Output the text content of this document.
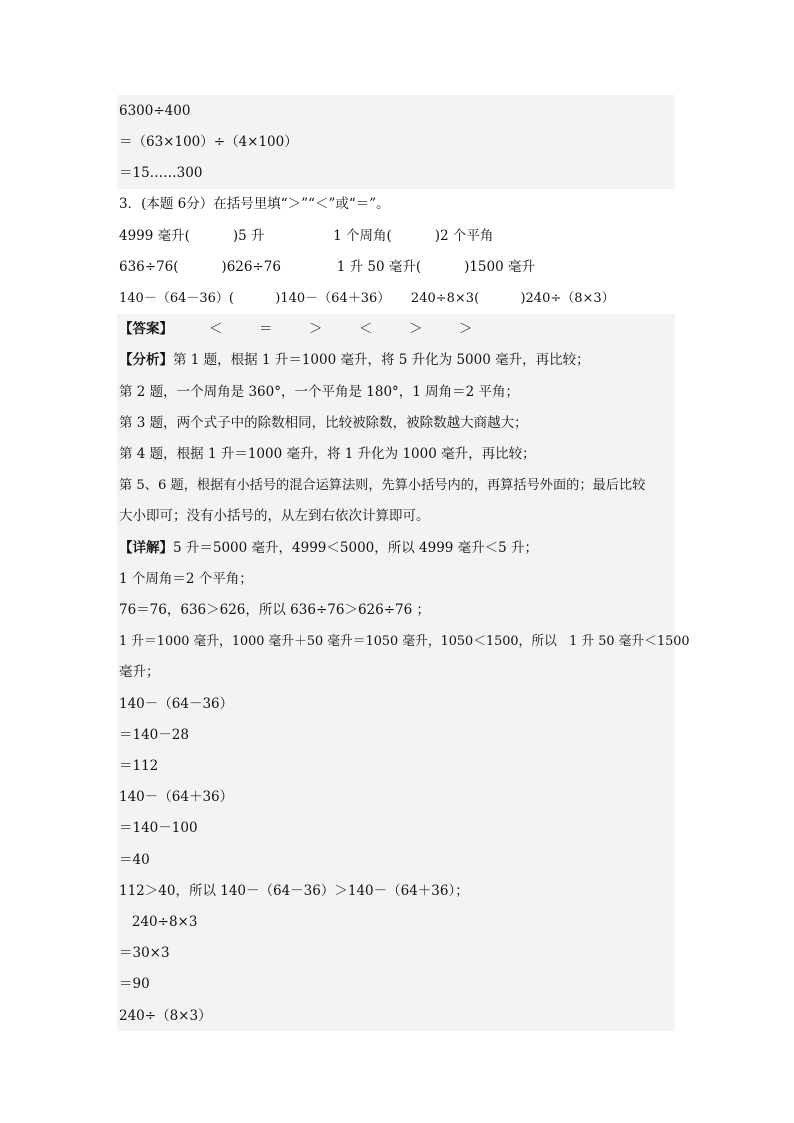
6300÷400
＝（63×100）÷（4×100）
＝15……300
3．(本题 6分）在括号里填“＞”“＜”或“＝”。
4999 毫升(          )5 升                1 个周角(          )2 个平角
636÷76(          )626÷76             1 升 50 毫升(          )1500 毫升
140－（64－36）(          )140－（64＋36）     240÷8×3(          )240÷（8×3）
【答案】	＜	＝	＞	＜	＞	＞
【分析】第 1 题，根据 1 升＝1000 毫升，将 5 升化为 5000 毫升，再比较；
第 2 题，一个周角是 360°，一个平角是 180°，1 周角＝2 平角；
第 3 题，两个式子中的除数相同，比较被除数，被除数越大商越大；
第 4 题，根据 1 升＝1000 毫升，将 1 升化为 1000 毫升，再比较；
第 5、6 题，根据有小括号的混合运算法则，先算小括号内的，再算括号外面的；最后比较
大小即可；没有小括号的，从左到右依次计算即可。
【详解】5 升＝5000 毫升，4999＜5000，所以 4999 毫升＜5 升；
1 个周角＝2 个平角；
76＝76，636＞626，所以 636÷76＞626÷76 ；
1 升＝1000 毫升，1000 毫升＋50 毫升＝1050 毫升，1050＜1500，所以   1 升 50 毫升＜1500
毫升；
140－（64－36）
＝140－28
＝112
140－（64＋36）
＝140－100
＝40
112＞40，所以 140－（64－36）＞140－（64＋36）；
240÷8×3
＝30×3
＝90
240÷（8×3）
